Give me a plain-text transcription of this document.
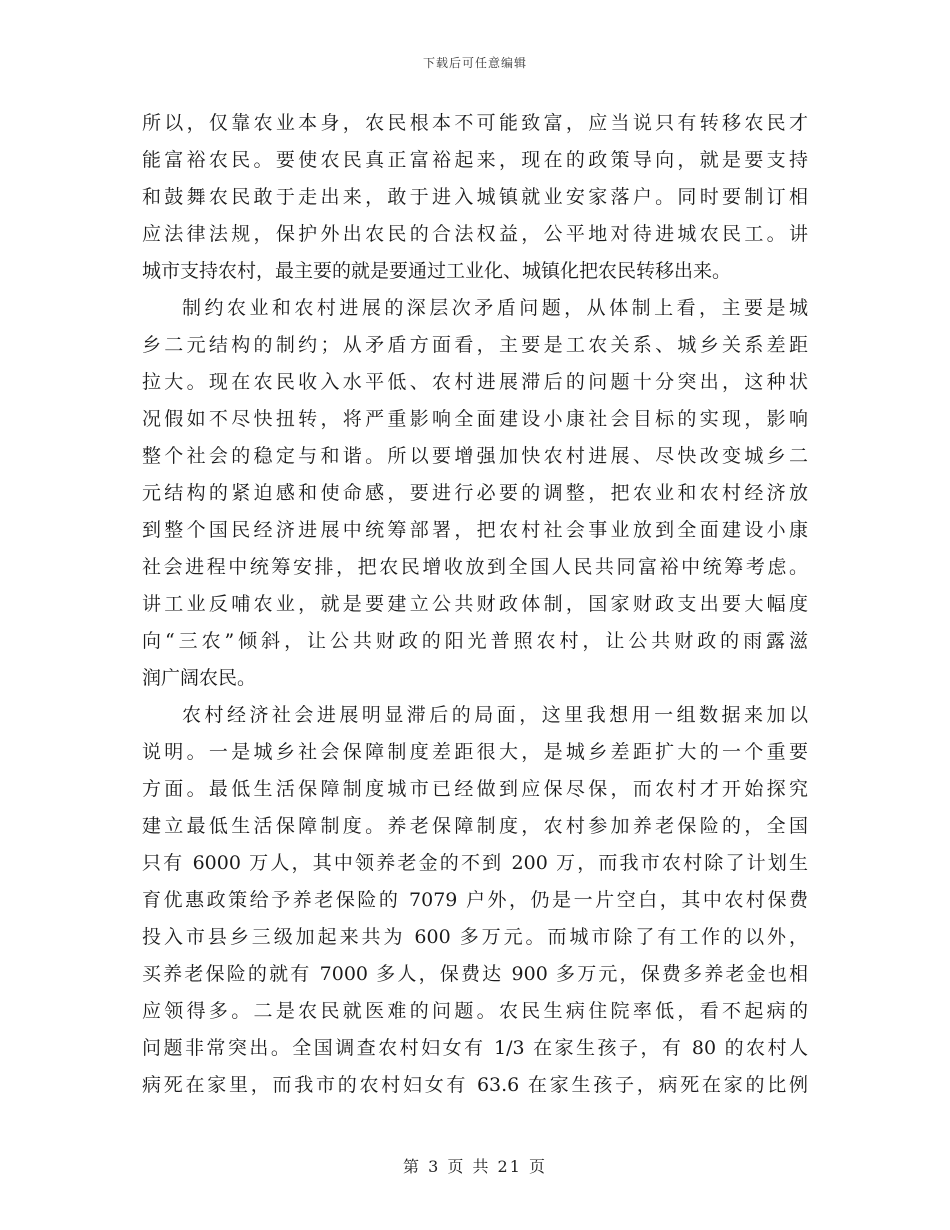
下载后可任意编辑
所以，仅靠农业本身，农民根本不可能致富，应当说只有转移农民才
能富裕农民。要使农民真正富裕起来，现在的政策导向，就是要支持
和鼓舞农民敢于走出来，敢于进入城镇就业安家落户。同时要制订相
应法律法规，保护外出农民的合法权益，公平地对待进城农民工。讲
城市支持农村，最主要的就是要通过工业化、城镇化把农民转移出来。
制约农业和农村进展的深层次矛盾问题，从体制上看，主要是城
乡二元结构的制约；从矛盾方面看，主要是工农关系、城乡关系差距
拉大。现在农民收入水平低、农村进展滞后的问题十分突出，这种状
况假如不尽快扭转，将严重影响全面建设小康社会目标的实现，影响
整个社会的稳定与和谐。所以要增强加快农村进展、尽快改变城乡二
元结构的紧迫感和使命感，要进行必要的调整，把农业和农村经济放
到整个国民经济进展中统筹部署，把农村社会事业放到全面建设小康
社会进程中统筹安排，把农民增收放到全国人民共同富裕中统筹考虑。
讲工业反哺农业，就是要建立公共财政体制，国家财政支出要大幅度
向“三农”倾斜，让公共财政的阳光普照农村，让公共财政的雨露滋
润广阔农民。
农村经济社会进展明显滞后的局面，这里我想用一组数据来加以
说明。一是城乡社会保障制度差距很大，是城乡差距扩大的一个重要
方面。最低生活保障制度城市已经做到应保尽保，而农村才开始探究
建立最低生活保障制度。养老保障制度，农村参加养老保险的，全国
只有 6000 万人，其中领养老金的不到 200 万，而我市农村除了计划生
育优惠政策给予养老保险的 7079 户外，仍是一片空白，其中农村保费
投入市县乡三级加起来共为 600 多万元。而城市除了有工作的以外，
买养老保险的就有 7000 多人，保费达 900 多万元，保费多养老金也相
应领得多。二是农民就医难的问题。农民生病住院率低，看不起病的
问题非常突出。全国调查农村妇女有 1/3 在家生孩子，有 80 的农村人
病死在家里，而我市的农村妇女有 63.6 在家生孩子，病死在家的比例
第 3 页 共 21 页
